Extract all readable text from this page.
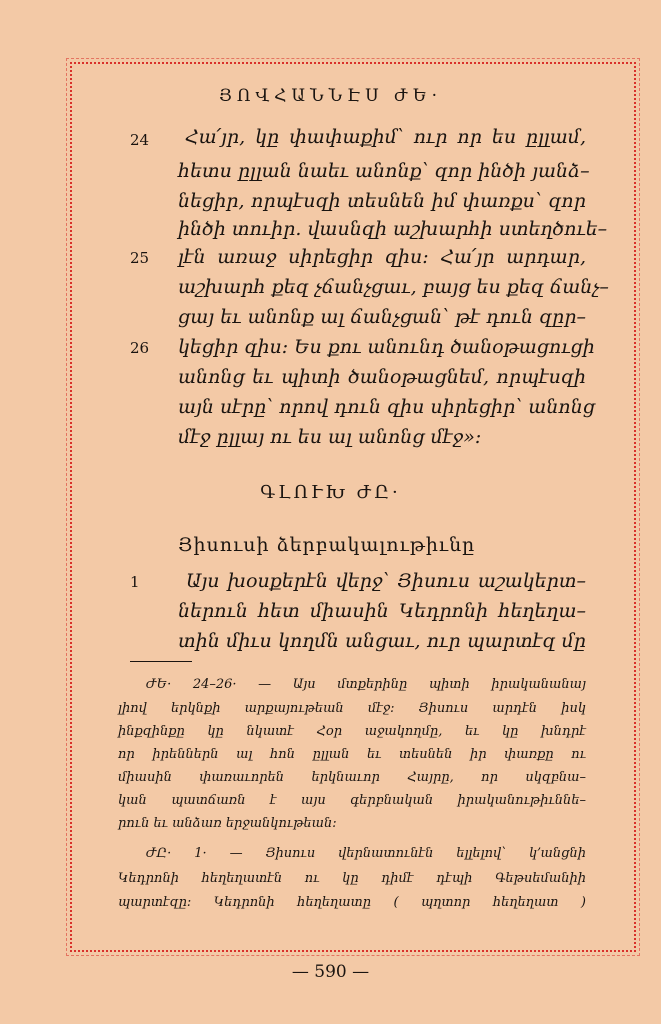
ՅՈՎՀԱՆՆԷՍ ԺԵ·
24
25
26
Հա՛յր, կը փափաքիմ՝ ուր որ ես ըլլամ,
հետս ըլլան նաեւ անոնք՝ զոր ինծի յանձ–
նեցիր, որպէսզի տեսնեն իմ փառքս՝ զոր
ինծի տուիր. վասնզի աշխարհի ստեղծուե–
լէն առաջ սիրեցիր զիս: Հա՛յր արդար,
աշխարհ քեզ չճանչցաւ, բայց ես քեզ ճանչ–
ցայ եւ անոնք ալ ճանչցան՝ թէ դուն զըր–
կեցիր զիս: Ես քու անունդ ծանօթացուցի
անոնց եւ պիտի ծանօթացնեմ, որպէսզի
այն սէրը՝ որով դուն զիս սիրեցիր՝ անոնց
մէջ ըլլայ ու ես ալ անոնց մէջ»:
ԳԼՈՒԽ ԺԸ·
Յիսուսի ձերբակալութիւնը
1 Այս խօսքերէն վերջ՝ Յիսուս աշակերտ–
ներուն հետ միասին Կեդրոնի հեղեղա–
տին միւս կողմն անցաւ, ուր պարտէզ մը
ԺԵ· 24–26· — Այս մտքերինը պիտի իրականանայ
լիով երկնքի արքայութեան մէջ: Յիսուս արդէն իսկ
ինքզինքը կը նկատէ Հօր աջակողմը, եւ կը խնդրէ
որ իրեններն ալ հոն ըլլան եւ տեսնեն իր փառքը ու
միասին փառաւորեն երկնաւոր Հայրը, որ սկզբնա–
կան պատճառն է այս գերբնական իրականութիւննե–
րուն եւ անձառ երջանկութեան:
ԺԸ· 1· — Յիսուս վերնատունէն ելլելով՝ կ՚անցնի
Կեդրոնի հեղեղատէն ու կը դիմէ դէպի Գեթսեմանիի
պարտէզը: Կեդրոնի հեղեղատը ( պղտոր հեղեղատ )
— 590 —
